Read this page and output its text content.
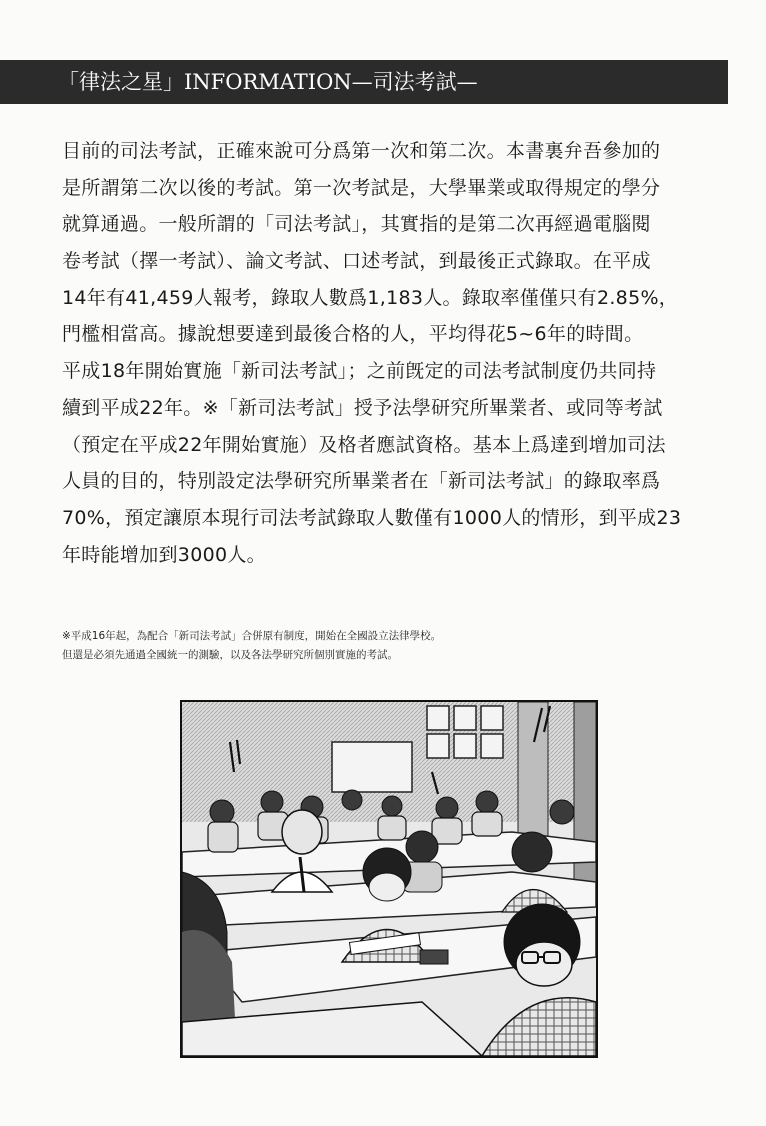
「律法之星」INFORMATION—司法考試—
目前的司法考試，正確來說可分爲第一次和第二次。本書裏弁吾參加的
是所謂第二次以後的考試。第一次考試是，大學畢業或取得規定的學分
就算通過。一般所謂的「司法考試」，其實指的是第二次再經過電腦閱
卷考試（擇一考試）、論文考試、口述考試，到最後正式錄取。在平成
14年有41,459人報考，錄取人數爲1,183人。錄取率僅僅只有2.85%，
門檻相當高。據說想要達到最後合格的人，平均得花5~6年的時間。
平成18年開始實施「新司法考試」；之前旣定的司法考試制度仍共同持
續到平成22年。※「新司法考試」授予法學研究所畢業者、或同等考試
（預定在平成22年開始實施）及格者應試資格。基本上爲達到增加司法
人員的目的，特別設定法學研究所畢業者在「新司法考試」的錄取率爲
70%，預定讓原本現行司法考試錄取人數僅有1000人的情形，到平成23
年時能增加到3000人。
※平成16年起，為配合「新司法考試」合併原有制度，開始在全國設立法律學校。
但還是必須先通過全國統一的測驗，以及各法學研究所個別實施的考試。
